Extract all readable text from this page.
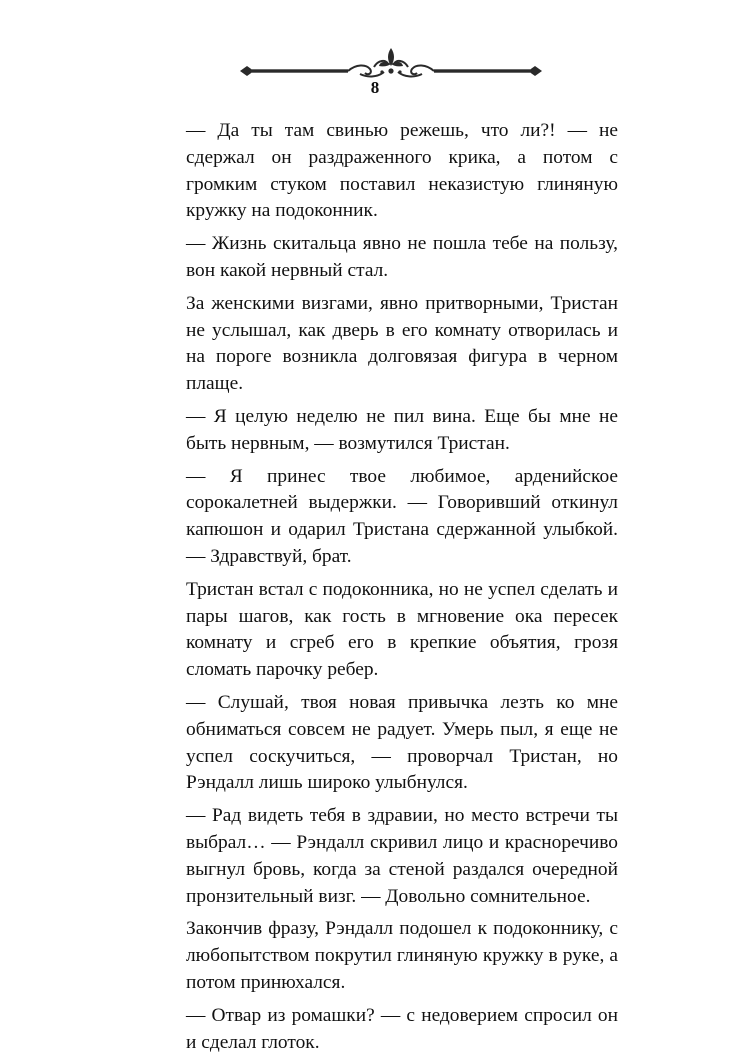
8

— Да ты там свинью режешь, что ли?! — не сдержал он раздраженного крика, а потом с громким стуком поставил неказистую глиняную кружку на подоконник.

— Жизнь скитальца явно не пошла тебе на пользу, вон какой нервный стал.

За женскими визгами, явно притворными, Тристан не услышал, как дверь в его комнату отворилась и на пороге возникла долговязая фигура в черном плаще.

— Я целую неделю не пил вина. Еще бы мне не быть нервным, — возмутился Тристан.

— Я принес твое любимое, арденийское сорокалетней выдержки. — Говоривший откинул капюшон и одарил Тристана сдержанной улыбкой. — Здравствуй, брат.

Тристан встал с подоконника, но не успел сделать и пары шагов, как гость в мгновение ока пересек комнату и сгреб его в крепкие объятия, грозя сломать парочку ребер.

— Слушай, твоя новая привычка лезть ко мне обниматься совсем не радует. Умерь пыл, я еще не успел соскучиться, — проворчал Тристан, но Рэндалл лишь широко улыбнулся.

— Рад видеть тебя в здравии, но место встречи ты выбрал… — Рэндалл скривил лицо и красноречиво выгнул бровь, когда за стеной раздался очередной пронзительный визг. — Довольно сомнительное.

Закончив фразу, Рэндалл подошел к подоконнику, с любопытством покрутил глиняную кружку в руке, а потом принюхался.

— Отвар из ромашки? — с недоверием спросил он и сделал глоток.
